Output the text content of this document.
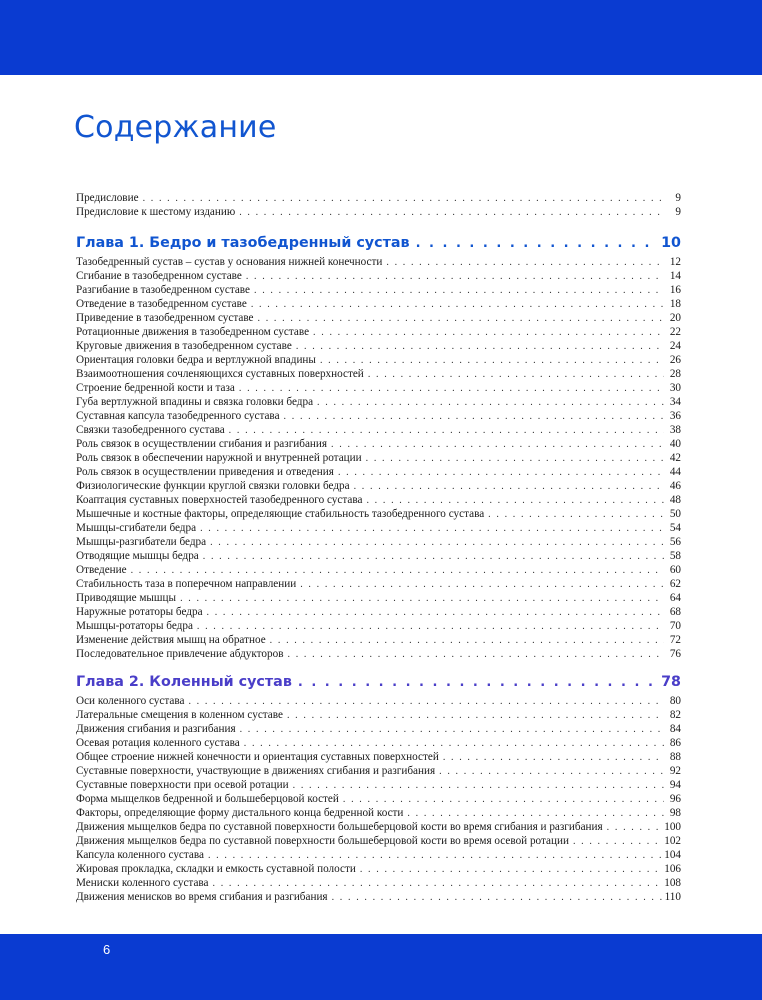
Содержание
Предисловие . . .	9
Предисловие к шестому изданию . . .	9
Глава 1. Бедро и тазобедренный сустав . . .	10
Тазобедренный сустав – сустав у основания нижней конечности . . .	12
Сгибание в тазобедренном суставе . . .	14
Разгибание в тазобедренном суставе . . .	16
Отведение в тазобедренном суставе . . .	18
Приведение в тазобедренном суставе . . .	20
Ротационные движения в тазобедренном суставе . . .	22
Круговые движения в тазобедренном суставе . . .	24
Ориентация головки бедра и вертлужной впадины . . .	26
Взаимоотношения сочленяющихся суставных поверхностей . . .	28
Строение бедренной кости и таза . . .	30
Губа вертлужной впадины и связка головки бедра . . .	34
Суставная капсула тазобедренного сустава . . .	36
Связки тазобедренного сустава . . .	38
Роль связок в осуществлении сгибания и разгибания . . .	40
Роль связок в обеспечении наружной и внутренней ротации . . .	42
Роль связок в осуществлении приведения и отведения . . .	44
Физиологические функции круглой связки головки бедра . . .	46
Коаптация суставных поверхностей тазобедренного сустава . . .	48
Мышечные и костные факторы, определяющие стабильность тазобедренного сустава . . .	50
Мышцы-сгибатели бедра . . .	54
Мышцы-разгибатели бедра . . .	56
Отводящие мышцы бедра . . .	58
Отведение . . .	60
Стабильность таза в поперечном направлении . . .	62
Приводящие мышцы . . .	64
Наружные ротаторы бедра . . .	68
Мышцы-ротаторы бедра . . .	70
Изменение действия мышц на обратное . . .	72
Последовательное привлечение абдукторов . . .	76
Глава 2. Коленный сустав . . .	78
Оси коленного сустава . . .	80
Латеральные смещения в коленном суставе . . .	82
Движения сгибания и разгибания . . .	84
Осевая ротация коленного сустава . . .	86
Общее строение нижней конечности и ориентация суставных поверхностей . . .	88
Суставные поверхности, участвующие в движениях сгибания и разгибания . . .	92
Суставные поверхности при осевой ротации . . .	94
Форма мыщелков бедренной и большеберцовой костей . . .	96
Факторы, определяющие форму дистального конца бедренной кости . . .	98
Движения мыщелков бедра по суставной поверхности большеберцовой кости во время сгибания и разгибания . . .	100
Движения мыщелков бедра по суставной поверхности большеберцовой кости во время осевой ротации . . .	102
Капсула коленного сустава . . .	104
Жировая прокладка, складки и емкость суставной полости . . .	106
Мениски коленного сустава . . .	108
Движения менисков во время сгибания и разгибания . . .	110
6
